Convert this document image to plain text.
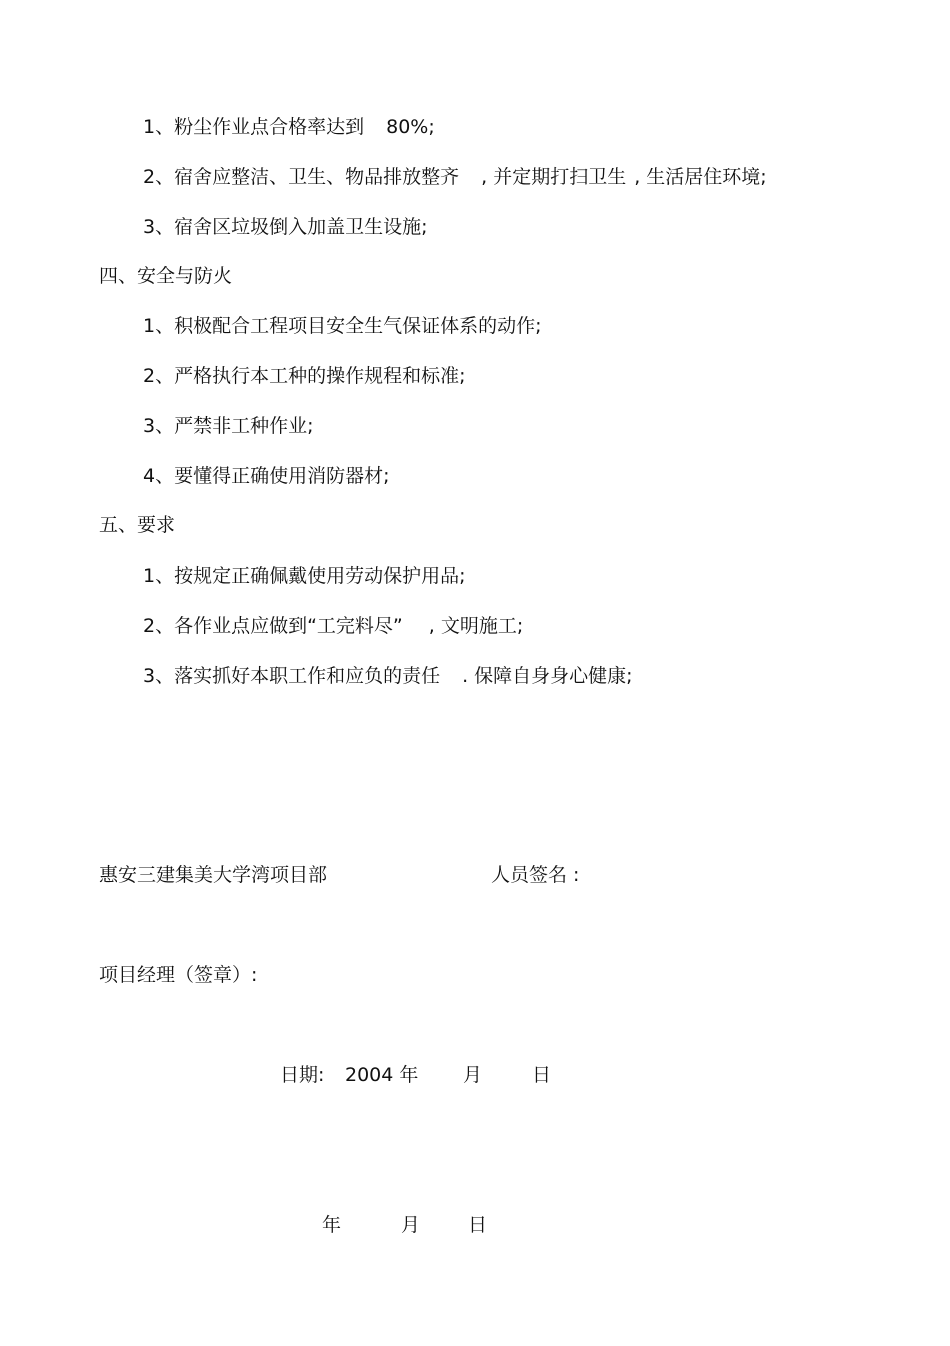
1、粉尘作业点合格率达到 80%;
2、宿舍应整洁、卫生、物品排放整齐 , 并定期打扫卫生 , 生活居住环境;
3、宿舍区垃圾倒入加盖卫生设施;
四、安全与防火
1、积极配合工程项目安全生气保证体系的动作;
2、严格执行本工种的操作规程和标准;
3、严禁非工种作业;
4、要懂得正确使用消防器材;
五、要求
1、按规定正确佩戴使用劳动保护用品;
2、各作业点应做到“工完料尽” , 文明施工;
3、落实抓好本职工作和应负的责任 . 保障自身身心健康;
惠安三建集美大学湾项目部	人员签名 :
项目经理（签章）:
日期: 2004 年 月	日
年	月	日
